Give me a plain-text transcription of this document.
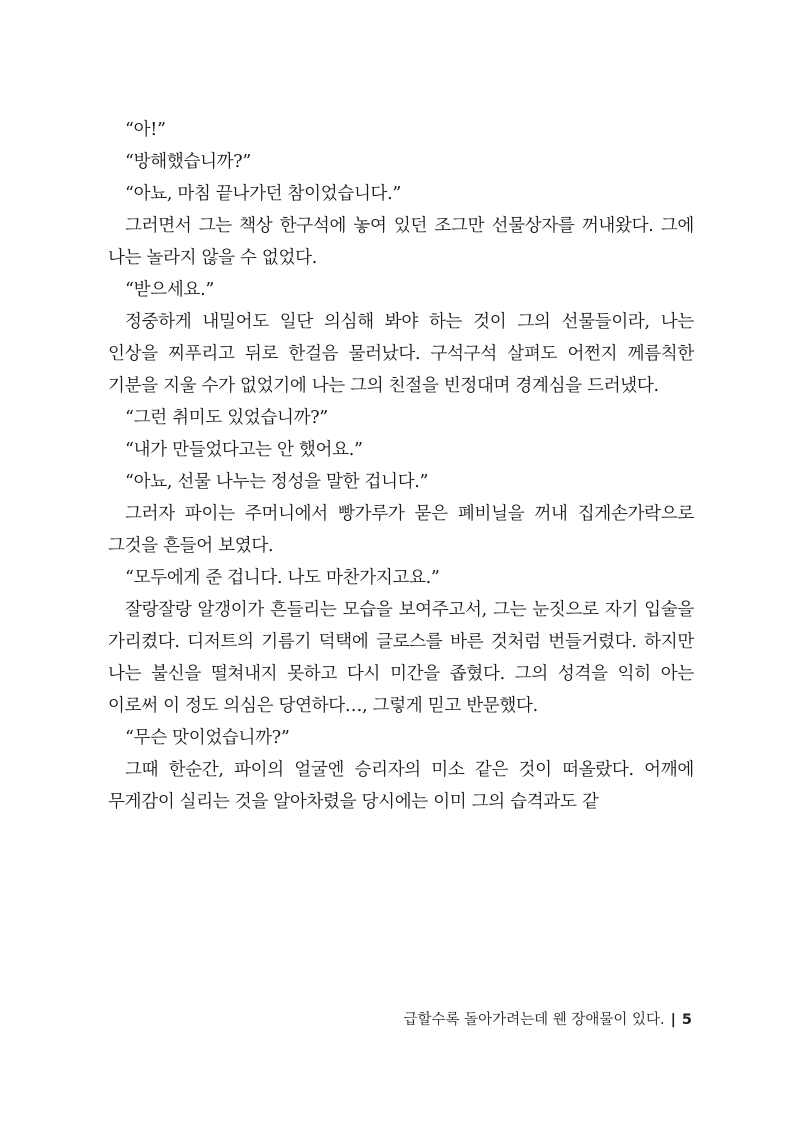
“아!”

“방해했습니까?”

“아뇨, 마침 끝나가던 참이었습니다.”

그러면서 그는 책상 한구석에 놓여 있던 조그만 선물상자를 꺼내왔다. 그에 나는 놀라지 않을 수 없었다.

“받으세요.”

정중하게 내밀어도 일단 의심해 봐야 하는 것이 그의 선물들이라, 나는 인상을 찌푸리고 뒤로 한걸음 물러났다. 구석구석 살펴도 어쩐지 께름칙한 기분을 지울 수가 없었기에 나는 그의 친절을 빈정대며 경계심을 드러냈다.

“그런 취미도 있었습니까?”

“내가 만들었다고는 안 했어요.”

“아뇨, 선물 나누는 정성을 말한 겁니다.”

그러자 파이는 주머니에서 빵가루가 묻은 폐비닐을 꺼내 집게손가락으로 그것을 흔들어 보였다.

“모두에게 준 겁니다. 나도 마찬가지고요.”

잘랑잘랑 알갱이가 흔들리는 모습을 보여주고서, 그는 눈짓으로 자기 입술을 가리켰다. 디저트의 기름기 덕택에 글로스를 바른 것처럼 번들거렸다. 하지만 나는 불신을 떨쳐내지 못하고 다시 미간을 좁혔다. 그의 성격을 익히 아는 이로써 이 정도 의심은 당연하다…, 그렇게 믿고 반문했다.

“무슨 맛이었습니까?”

그때 한순간, 파이의 얼굴엔 승리자의 미소 같은 것이 떠올랐다. 어깨에 무게감이 실리는 것을 알아차렸을 당시에는 이미 그의 습격과도 같

급할수록 돌아가려는데 웬 장애물이 있다. | 5
